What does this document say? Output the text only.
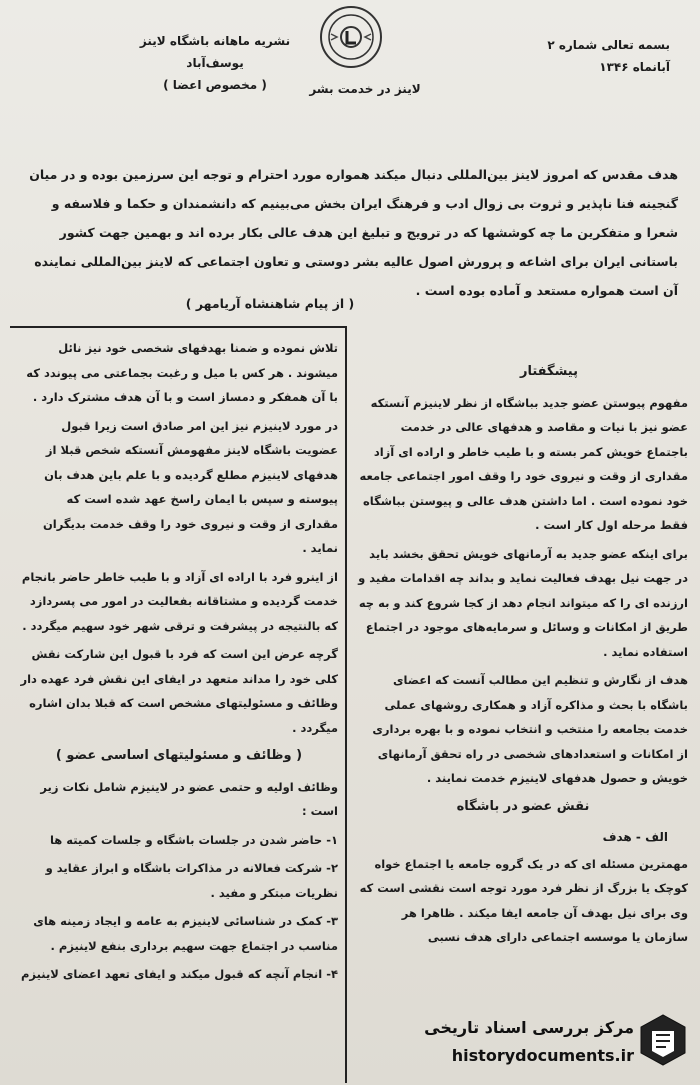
نشریه ماهانه باشگاه لاینز
یوسف‌آباد
( مخصوص اعضا )
بسمه تعالی شماره ۲
آبانماه ۱۳۴۶
لاینز در خدمت بشر
هدف مقدس که امروز لاینز بین‌المللی دنبال میکند همواره مورد احترام و توجه این سرزمین بوده و در میان گنجینه فنا ناپذیر و ثروت بی زوال ادب و فرهنگ ایران بخش می‌بینیم که دانشمندان و حکما و فلاسفه و شعرا و متفکرین ما چه کوششها که در ترویج و تبلیغ این هدف عالی بکار برده اند و بهمین جهت کشور باستانی ایران برای اشاعه و پرورش اصول عالیه بشر دوستی و تعاون اجتماعی که لاینز بین‌المللی نماینده آن است همواره مستعد و آماده بوده است .
( از پیام شاهنشاه آریامهر )
پیشگفتار

مفهوم پیوستن عضو جدید بباشگاه از نظر لاینیزم آنستکه عضو نیز با نیات و مقاصد و هدفهای عالی در خدمت باجتماع خویش کمر بسته و با طیب خاطر و اراده ای آزاد مقداری از وقت و نیروی خود را وقف امور اجتماعی جامعه خود نموده است . اما داشتن هدف عالی و پیوستن بباشگاه فقط مرحله اول کار است .

برای اینکه عضو جدید به آرمانهای خویش تحقق بخشد باید در جهت نیل بهدف فعالیت نماید و بداند چه اقدامات مفید و ارزنده ای را که میتواند انجام دهد از کجا شروع کند و به چه طریق از امکانات و وسائل و سرمایه‌های موجود در اجتماع استفاده نماید .

هدف از نگارش و تنظیم این مطالب آنست که اعضای باشگاه با بحث و مذاکره آزاد و همکاری روشهای عملی خدمت بجامعه را منتخب و انتخاب نموده و با بهره برداری از امکانات و استعدادهای شخصی در راه تحقق آرمانهای خویش و حصول هدفهای لاینیزم خدمت نمایند .

نقش عضو در باشگاه
الف - هدف

مهمترین مسئله ای که در یک گروه جامعه یا اجتماع خواه کوچک یا بزرگ از نظر فرد مورد توجه است نقشی است که وی برای نیل بهدف آن جامعه ایفا میکند . ظاهرا هر سازمان یا موسسه اجتماعی دارای هدف نسبی

تلاش نموده و ضمنا بهدفهای شخصی خود نیز نائل میشوند . هر کس با میل و رغبت بجماعتی می پیوندد که با آن همفکر و دمساز است و با آن هدف مشترک دارد .

در مورد لاینیزم نیز این امر صادق است زیرا قبول عضویت باشگاه لاینز مفهومش آنستکه شخص قبلا از هدفهای لاینیزم مطلع گردیده و با علم باین هدف بان پیوسته و سپس با ایمان راسخ عهد شده است که مقداری از وقت و نیروی خود را وقف خدمت بدیگران نماید .

از اینرو فرد با اراده ای آزاد و با طیب خاطر حاضر بانجام خدمت گردیده و مشتاقانه بفعالیت در امور می پسردازد که بالنتیجه در پیشرفت و ترقی شهر خود سهیم میگردد .

گرچه عرض این است که فرد با قبول این شارکت نقش کلی خود را مداند متعهد در ایفای این نقش فرد عهده دار وظائف و مسئولیتهای مشخص است که قبلا بدان اشاره میگردد .

( وظائف و مسئولیتهای اساسی عضو )

وظائف اولیه و حتمی عضو در لاینیزم شامل نکات زیر است :

۱- حاضر شدن در جلسات باشگاه و جلسات کمیته ها

۲- شرکت فعالانه در مذاکرات باشگاه و ابراز عقاید و نظریات مبتکر و مفید .

۳- کمک در شناسائی لاینیزم به عامه و ایجاد زمینه های مناسب در اجتماع جهت سهیم برداری بنفع لاینیزم .

۴- انجام آنچه که قبول میکند و ایفای تعهد اعضای لاینیزم

مرکز بررسی اسناد تاریخی
historydocuments.ir
